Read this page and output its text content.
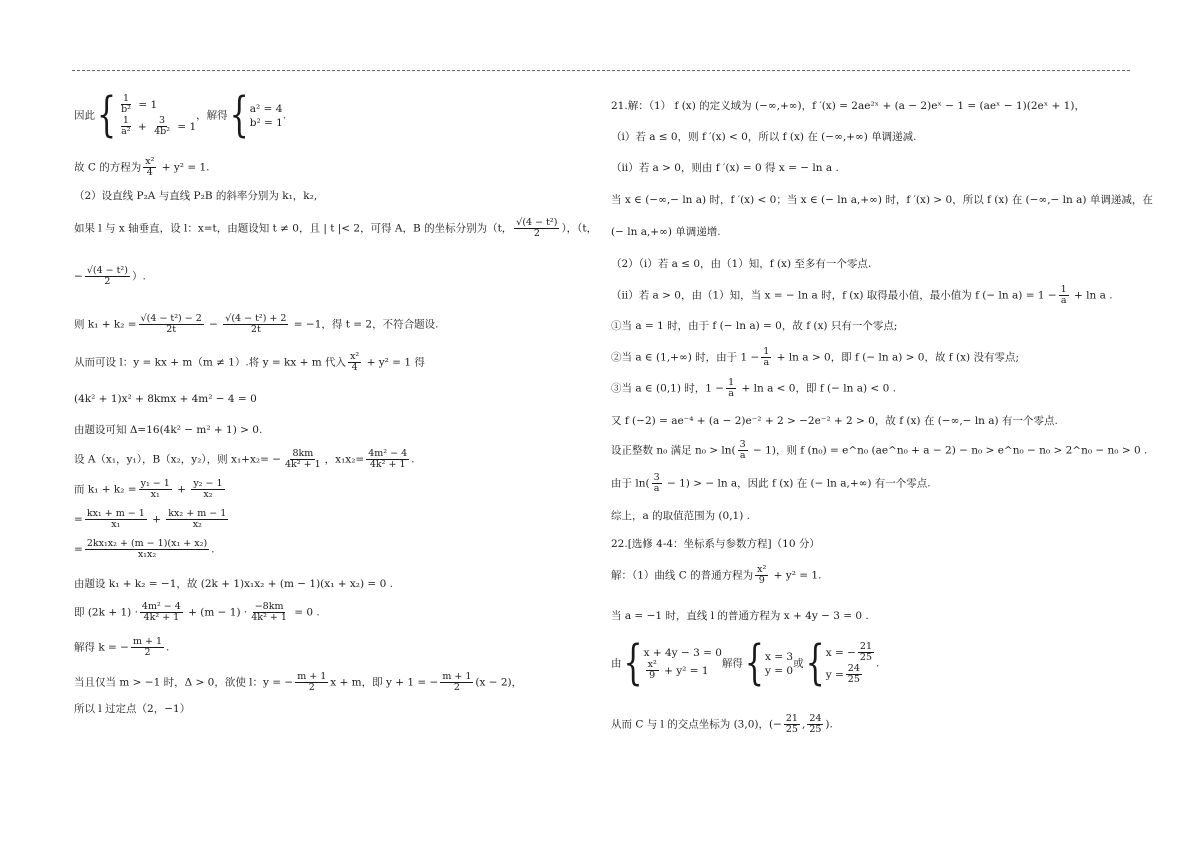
因此{ $\frac{1}{\text{b²}} = 1$
$\frac{1}{\text{a²}} + \frac{3}{\text{4b²}} = 1$
，解得{ a² = 4
b² = 1
.
故 C 的方程为 $\frac{\text{x²}}{4} + y^2 = 1$.
（2）设直线 P₂A 与直线 P₂B 的斜率分别为 k₁，k₂,
如果 l 与 x 轴垂直，设 l：x=t，由题设知 t ≠ 0，且 | t |< 2，可得 A，B 的坐标分别为（t， $\frac{\text{√(4 − t²)}}{2}$ ），（t，
− $\frac{\text{√(4 − t²)}}{2}$ ）.
则 $k_1 + k_2 = \frac{\text{√(4 − t²) − 2}}{2t} - \frac{\text{√(4 − t²) + 2}}{2t} = -1$，得 t = 2，不符合题设.
从而可设 l：y = kx + m（m ≠ 1）.将 y = kx + m 代入 $\frac{\text{x²}}{4} + y^2 = 1$ 得
(4k² + 1)x² + 8kmx + 4m² − 4 = 0
由题设可知 Δ=16(4k² − m² + 1) > 0.
设 A（x₁，y₁），B（x₂，y₂），则 $x_1+x_2= - \frac{8km}{\text{4k² + 1}}$ ，$x_1x_2= \frac{\text{4m² − 4}}{\text{4k² + 1}}$ .
而 $k_1 + k_2 = \frac{\text{y₁ − 1}}{\text{x₁}} + \frac{\text{y₂ − 1}}{\text{x₂}}$
= $\frac{\text{kx₁ + m − 1}}{\text{x₁}} + \frac{\text{kx₂ + m − 1}}{\text{x₂}}$
= $\frac{\text{2kx₁x₂ + (m − 1)(x₁ + x₂)}}{\text{x₁x₂}}$ .
由题设 k₁ + k₂ = −1，故 (2k + 1)x₁x₂ + (m − 1)(x₁ + x₂) = 0 .
即 $(2k + 1) \cdot \frac{\text{4m² − 4}}{\text{4k² + 1}} + (m - 1) \cdot \frac{-8km}{\text{4k² + 1}} = 0$ .
解得 k = − $\frac{m + 1}{2}$ .
当且仅当 m > −1 时，Δ > 0，欲使 l：y = − $\frac{m + 1}{2}$ x + m，即 y + 1 = − $\frac{m + 1}{2} (x - 2)$，
所以 l 过定点（2，−1）
21.解：（1） f (x) 的定义域为 (−∞,+∞)，f ′(x) = 2ae²ˣ + (a − 2)eˣ − 1 = (aeˣ − 1)(2eˣ + 1)，
（ⅰ）若 a ≤ 0，则 f ′(x) < 0，所以 f (x) 在 (−∞,+∞) 单调递减.
（ⅱ）若 a > 0，则由 f ′(x) = 0 得 x = − ln a .
当 x ∈ (−∞,− ln a) 时，f ′(x) < 0；当 x ∈ (− ln a,+∞) 时，f ′(x) > 0，所以 f (x) 在 (−∞,− ln a) 单调递减，在
(− ln a,+∞) 单调递增.
（2）（ⅰ）若 a ≤ 0，由（1）知，f (x) 至多有一个零点.
（ⅱ）若 a > 0，由（1）知，当 x = − ln a 时，f (x) 取得最小值，最小值为 f (− $\ln a) = 1 - \frac{1}{a} + \ln a$ .
①当 a = 1 时，由于 f (− ln a) = 0，故 f (x) 只有一个零点;
②当 a ∈ (1,+∞) 时，由于 $1 - \frac{1}{a} + \ln a > 0$，即 f (− ln a) > 0，故 f (x) 没有零点;
③当 a ∈ (0,1) 时，$1 - \frac{1}{a} + \ln a < 0$，即 f (− ln a) < 0 .
又 f (−2) = ae⁻⁴ + (a − 2)e⁻² + 2 > −2e⁻² + 2 > 0，故 f (x) 在 (−∞,− ln a) 有一个零点.
设正整数 n₀ 满足 $n_0 > \ln( \frac{3}{a} - 1)$，则 f (n₀) = e^n₀ (ae^n₀ + a − 2) − n₀ > e^n₀ − n₀ > 2^n₀ − n₀ > 0 .
由于 $\ln( \frac{3}{a} - 1)$ > − ln a，因此 f (x) 在 (− ln a,+∞) 有一个零点.
综上，a 的取值范围为 (0,1) .
22.[选修 4-4：坐标系与参数方程]（10 分）
解：（1）曲线 C 的普通方程为 $\frac{\text{x²}}{9} + y^2 = 1$.
当 a = −1 时，直线 l 的普通方程为 x + 4y − 3 = 0 .
由{ x + 4y − 3 = 0
$\frac{\text{x²}}{9} + y^2 = 1$
解得{ x = 3
y = 0
或{ x = − $\frac{21}{25}$
$y = \frac{24}{25}$
.
从而 C 与 l 的交点坐标为 (3,0)，(− $\frac{21}{25}$ , $\frac{24}{25}$ ).
